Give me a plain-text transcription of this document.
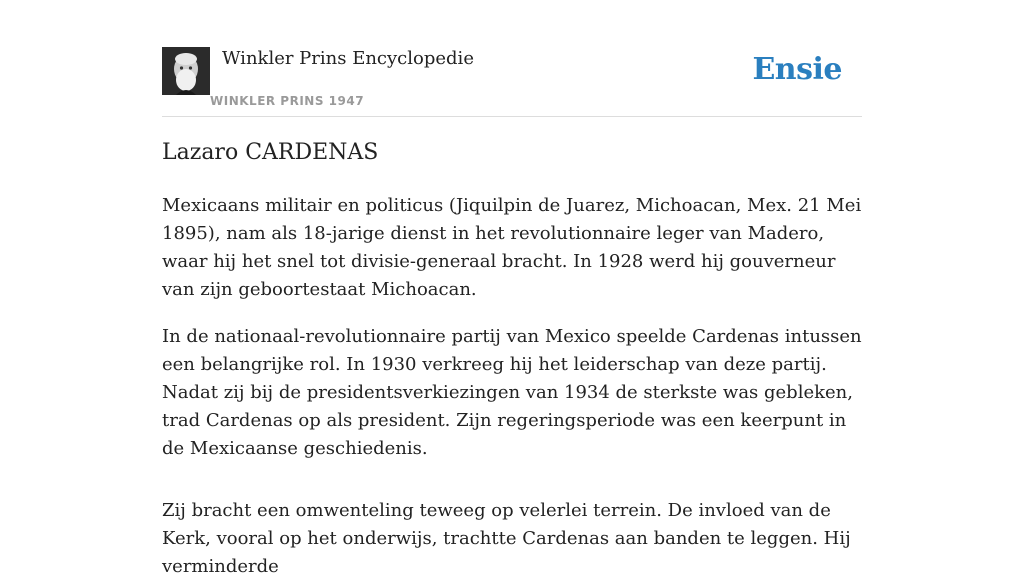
Winkler Prins Encyclopedie
WINKLER PRINS 1947
Ensie
Lazaro CARDENAS

Mexicaans militair en politicus (Jiquilpin de Juarez, Michoacan, Mex. 21 Mei 1895), nam als 18-jarige dienst in het revolutionnaire leger van Madero, waar hij het snel tot divisie-generaal bracht. In 1928 werd hij gouverneur van zijn geboortestaat Michoacan.

In de nationaal-revolutionnaire partij van Mexico speelde Cardenas intussen een belangrijke rol. In 1930 verkreeg hij het leiderschap van deze partij. Nadat zij bij de presidentsverkiezingen van 1934 de sterkste was gebleken, trad Cardenas op als president. Zijn regeringsperiode was een keerpunt in de Mexicaanse geschiedenis.

Zij bracht een omwenteling teweeg op velerlei terrein. De invloed van de Kerk, vooral op het onderwijs, trachtte Cardenas aan banden te leggen. Hij verminderde
